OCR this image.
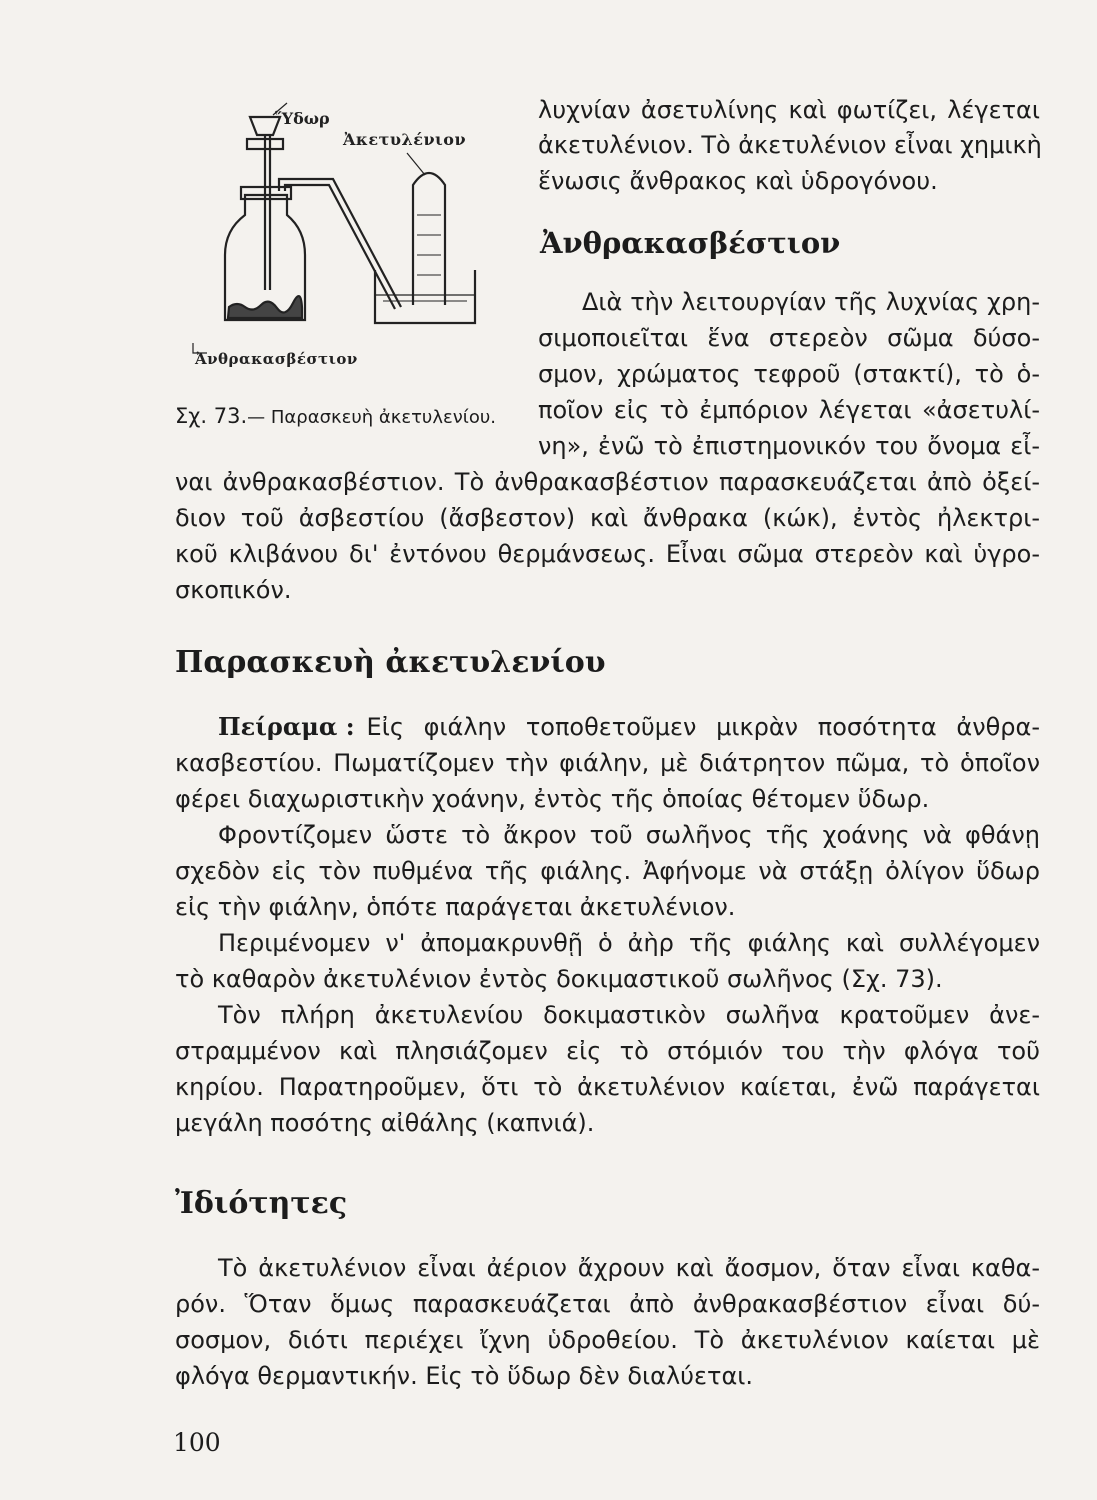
Ὕδωρ
Ἀκετυλένιον
Ἀνθρακασβέστιον
Σχ. 73.— Παρασκευὴ ἀκετυλενίου.
λυχνίαν ἀσετυλίνης καὶ φωτίζει, λέγεται
ἀκετυλένιον. Τὸ ἀκετυλένιον εἶναι χημικὴ
ἕνωσις ἄνθρακος καὶ ὑδρογόνου.
Ἀνθρακασβέστιον
Διὰ τὴν λειτουργίαν τῆς λυχνίας χρη-
σιμοποιεῖται ἕνα στερεὸν σῶμα δύσο-
σμον, χρώματος τεφροῦ (στακτί), τὸ ὁ-
ποῖον εἰς τὸ ἐμπόριον λέγεται «ἀσετυλί-
νη», ἐνῶ τὸ ἐπιστημονικόν του ὄνομα εἶ-
ναι ἀνθρακασβέστιον. Τὸ ἀνθρακασβέστιον παρασκευάζεται ἀπὸ ὀξεί-
διον τοῦ ἀσβεστίου (ἄσβεστον) καὶ ἄνθρακα (κώκ), ἐντὸς ἠλεκτρι-
κοῦ κλιβάνου δι' ἐντόνου θερμάνσεως. Εἶναι σῶμα στερεὸν καὶ ὑγρο-
σκοπικόν.
Παρασκευὴ ἀκετυλενίου
Πείραμα : Εἰς φιάλην τοποθετοῦμεν μικρὰν ποσότητα ἀνθρα-
κασβεστίου. Πωματίζομεν τὴν φιάλην, μὲ διάτρητον πῶμα, τὸ ὁποῖον
φέρει διαχωριστικὴν χοάνην, ἐντὸς τῆς ὁποίας θέτομεν ὕδωρ.
Φροντίζομεν ὥστε τὸ ἄκρον τοῦ σωλῆνος τῆς χοάνης νὰ φθάνῃ
σχεδὸν εἰς τὸν πυθμένα τῆς φιάλης. Ἀφήνομε νὰ στάξῃ ὀλίγον ὕδωρ
εἰς τὴν φιάλην, ὁπότε παράγεται ἀκετυλένιον.
Περιμένομεν ν' ἀπομακρυνθῇ ὁ ἀὴρ τῆς φιάλης καὶ συλλέγομεν
τὸ καθαρὸν ἀκετυλένιον ἐντὸς δοκιμαστικοῦ σωλῆνος (Σχ. 73).
Τὸν πλήρη ἀκετυλενίου δοκιμαστικὸν σωλῆνα κρατοῦμεν ἀνε-
στραμμένον καὶ πλησιάζομεν εἰς τὸ στόμιόν του τὴν φλόγα τοῦ
κηρίου. Παρατηροῦμεν, ὅτι τὸ ἀκετυλένιον καίεται, ἐνῶ παράγεται
μεγάλη ποσότης αἰθάλης (καπνιά).
Ἰδιότητες
Τὸ ἀκετυλένιον εἶναι ἀέριον ἄχρουν καὶ ἄοσμον, ὅταν εἶναι καθα-
ρόν. Ὅταν ὅμως παρασκευάζεται ἀπὸ ἀνθρακασβέστιον εἶναι δύ-
σοσμον, διότι περιέχει ἴχνη ὑδροθείου. Τὸ ἀκετυλένιον καίεται μὲ
φλόγα θερμαντικήν. Εἰς τὸ ὕδωρ δὲν διαλύεται.
100
